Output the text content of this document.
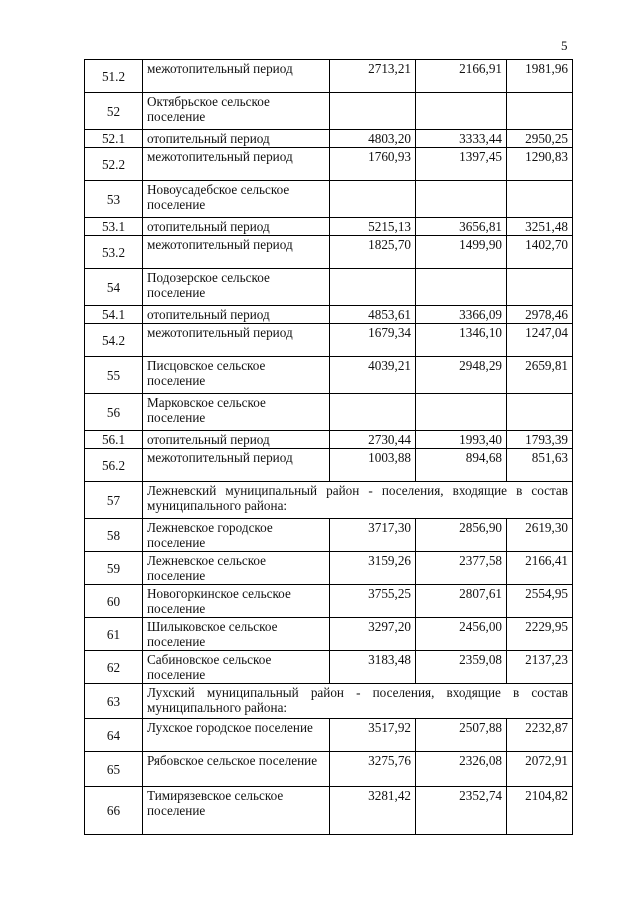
5
51.2	межотопительный период	2713,21	2166,91	1981,96
52	Октябрьское сельское поселение			
52.1	отопительный период	4803,20	3333,44	2950,25
52.2	межотопительный период	1760,93	1397,45	1290,83
53	Новоусадебское сельское поселение			
53.1	отопительный период	5215,13	3656,81	3251,48
53.2	межотопительный период	1825,70	1499,90	1402,70
54	Подозерское сельское поселение			
54.1	отопительный период	4853,61	3366,09	2978,46
54.2	межотопительный период	1679,34	1346,10	1247,04
55	Писцовское сельское поселение	4039,21	2948,29	2659,81
56	Марковское сельское поселение			
56.1	отопительный период	2730,44	1993,40	1793,39
56.2	межотопительный период	1003,88	894,68	851,63
57	Лежневский муниципальный район - поселения, входящие в состав муниципального района:			
58	Лежневское городское поселение	3717,30	2856,90	2619,30
59	Лежневское сельское поселение	3159,26	2377,58	2166,41
60	Новогоркинское сельское поселение	3755,25	2807,61	2554,95
61	Шилыковское сельское поселение	3297,20	2456,00	2229,95
62	Сабиновское сельское поселение	3183,48	2359,08	2137,23
63	Лухский муниципальный район - поселения, входящие в состав муниципального района:			
64	Лухское городское поселение	3517,92	2507,88	2232,87
65	Рябовское сельское поселение	3275,76	2326,08	2072,91
66	Тимирязевское сельское поселение	3281,42	2352,74	2104,82
